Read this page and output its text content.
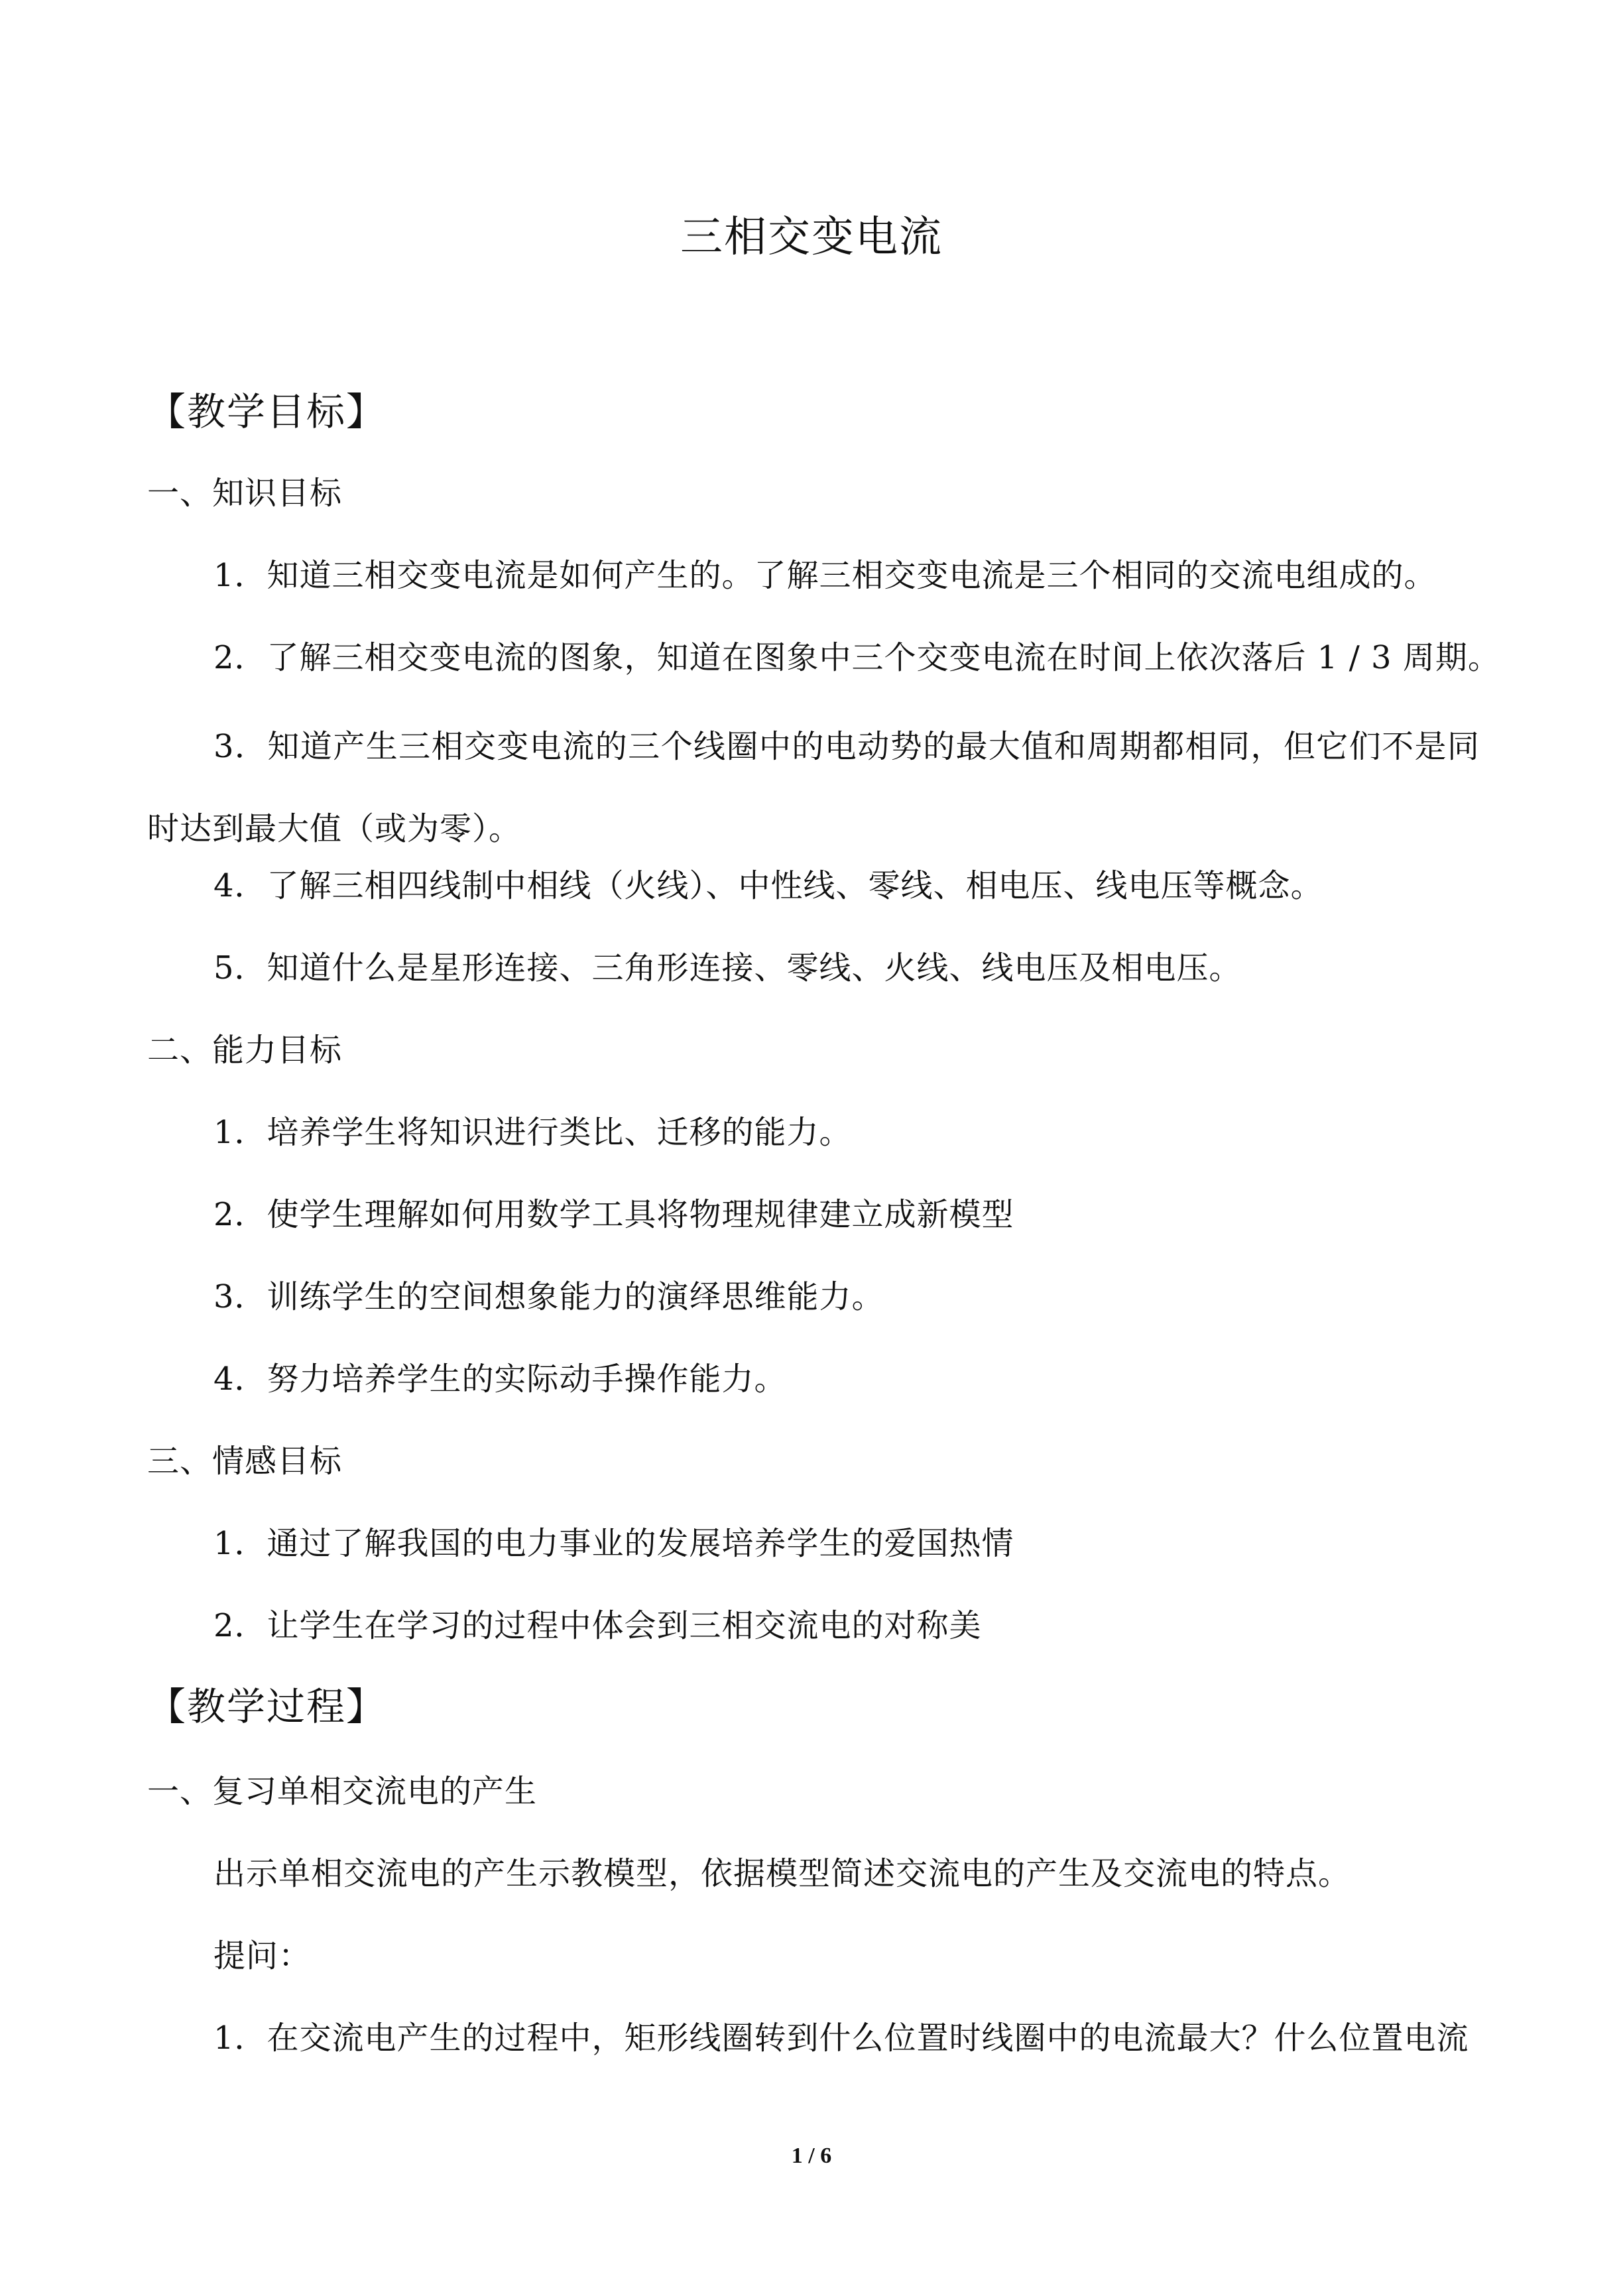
三相交变电流
【教学目标】
一、知识目标
1．知道三相交变电流是如何产生的。了解三相交变电流是三个相同的交流电组成的。
2．了解三相交变电流的图象，知道在图象中三个交变电流在时间上依次落后 1 / 3 周期。

3．知道产生三相交变电流的三个线圈中的电动势的最大值和周期都相同，但它们不是同时达到最大值（或为零）。

4．了解三相四线制中相线（火线）、中性线、零线、相电压、线电压等概念。
5．知道什么是星形连接、三角形连接、零线、火线、线电压及相电压。
二、能力目标
1．培养学生将知识进行类比、迁移的能力。
2．使学生理解如何用数学工具将物理规律建立成新模型
3．训练学生的空间想象能力的演绎思维能力。
4．努力培养学生的实际动手操作能力。
三、情感目标
1．通过了解我国的电力事业的发展培养学生的爱国热情
2．让学生在学习的过程中体会到三相交流电的对称美
【教学过程】
一、复习单相交流电的产生
出示单相交流电的产生示教模型，依据模型简述交流电的产生及交流电的特点。
提问：
1．在交流电产生的过程中，矩形线圈转到什么位置时线圈中的电流最大？什么位置电流
1 / 6
